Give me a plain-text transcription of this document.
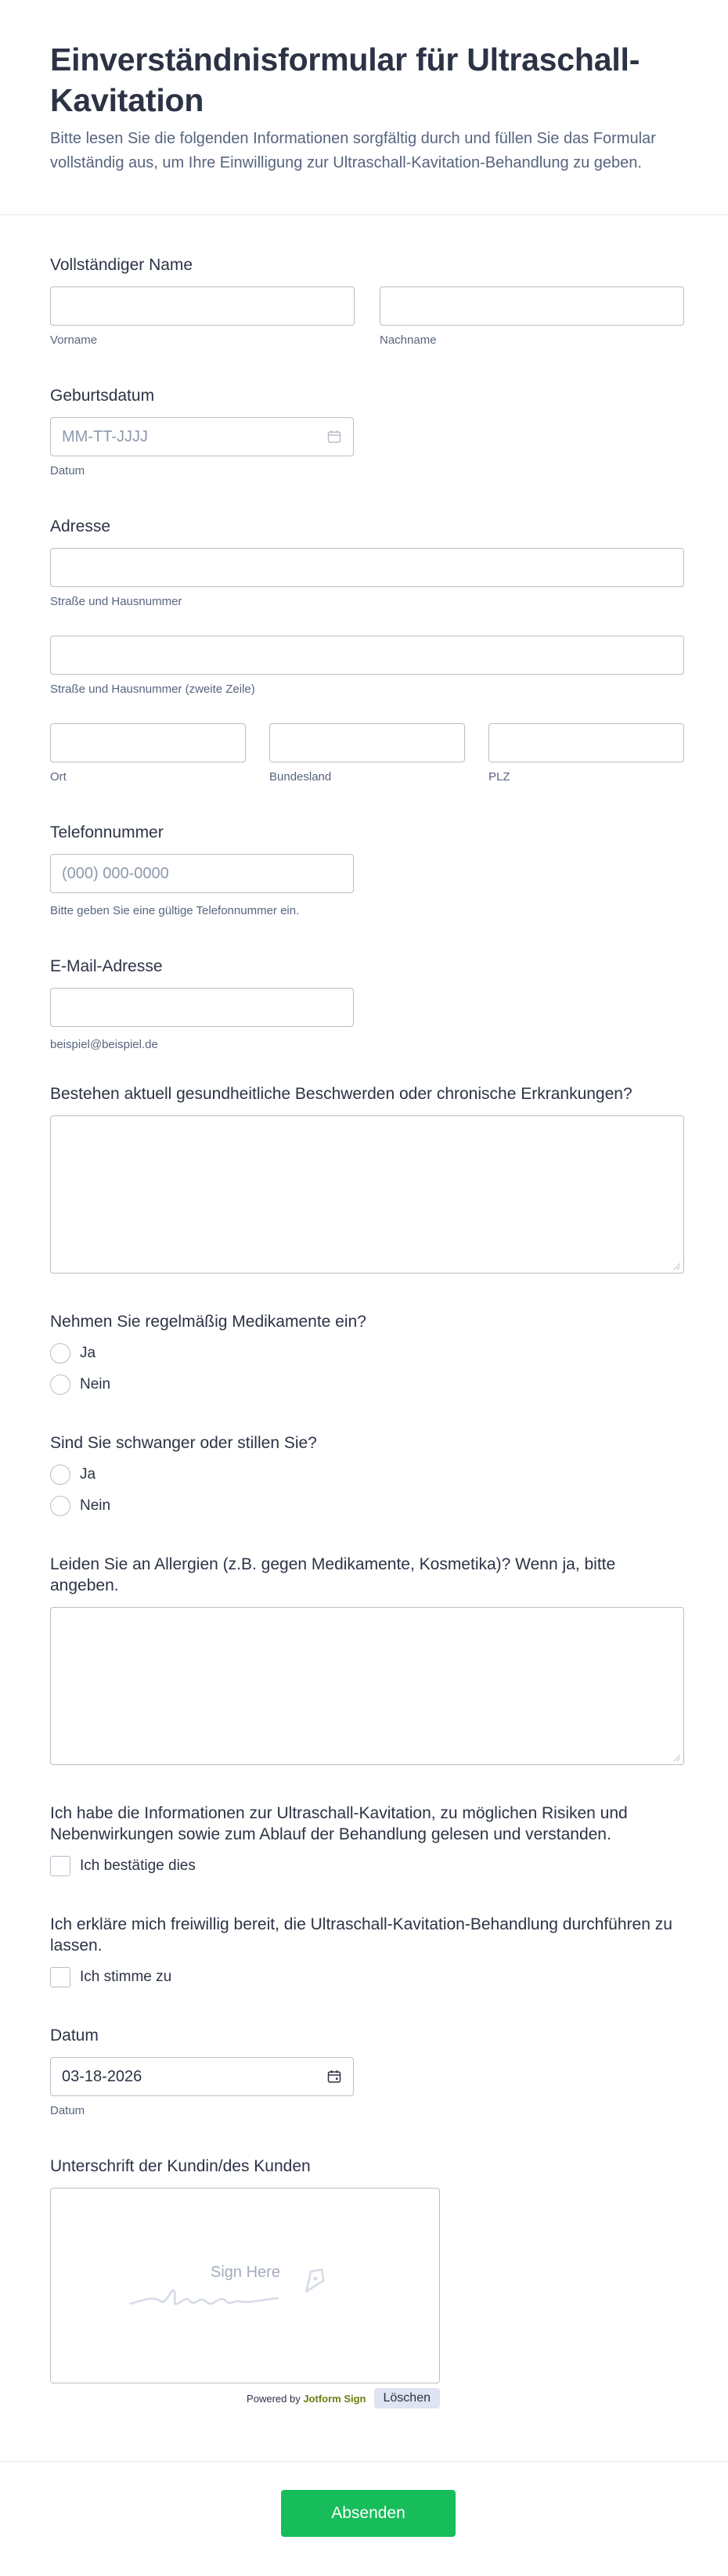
Einverständnisformular für Ultraschall-Kavitation

Bitte lesen Sie die folgenden Informationen sorgfältig durch und füllen Sie das Formular vollständig aus, um Ihre Einwilligung zur Ultraschall-Kavitation-Behandlung zu geben.

Vollständiger Name
Vorname	Nachname
Geburtsdatum
MM-TT-JJJJ
Datum
Adresse
Straße und Hausnummer
Straße und Hausnummer (zweite Zeile)
Ort	Bundesland	PLZ
Telefonnummer
(000) 000-0000
Bitte geben Sie eine gültige Telefonnummer ein.
E-Mail-Adresse
beispiel@beispiel.de
Bestehen aktuell gesundheitliche Beschwerden oder chronische Erkrankungen?
Nehmen Sie regelmäßig Medikamente ein?
Ja
Nein
Sind Sie schwanger oder stillen Sie?
Ja
Nein
Leiden Sie an Allergien (z.B. gegen Medikamente, Kosmetika)? Wenn ja, bitte angeben.
Ich habe die Informationen zur Ultraschall-Kavitation, zu möglichen Risiken und Nebenwirkungen sowie zum Ablauf der Behandlung gelesen und verstanden.
Ich bestätige dies
Ich erkläre mich freiwillig bereit, die Ultraschall-Kavitation-Behandlung durchführen zu lassen.
Ich stimme zu
Datum
03-18-2026
Datum
Unterschrift der Kundin/des Kunden
Sign Here
Powered by Jotform Sign	Löschen
Absenden
